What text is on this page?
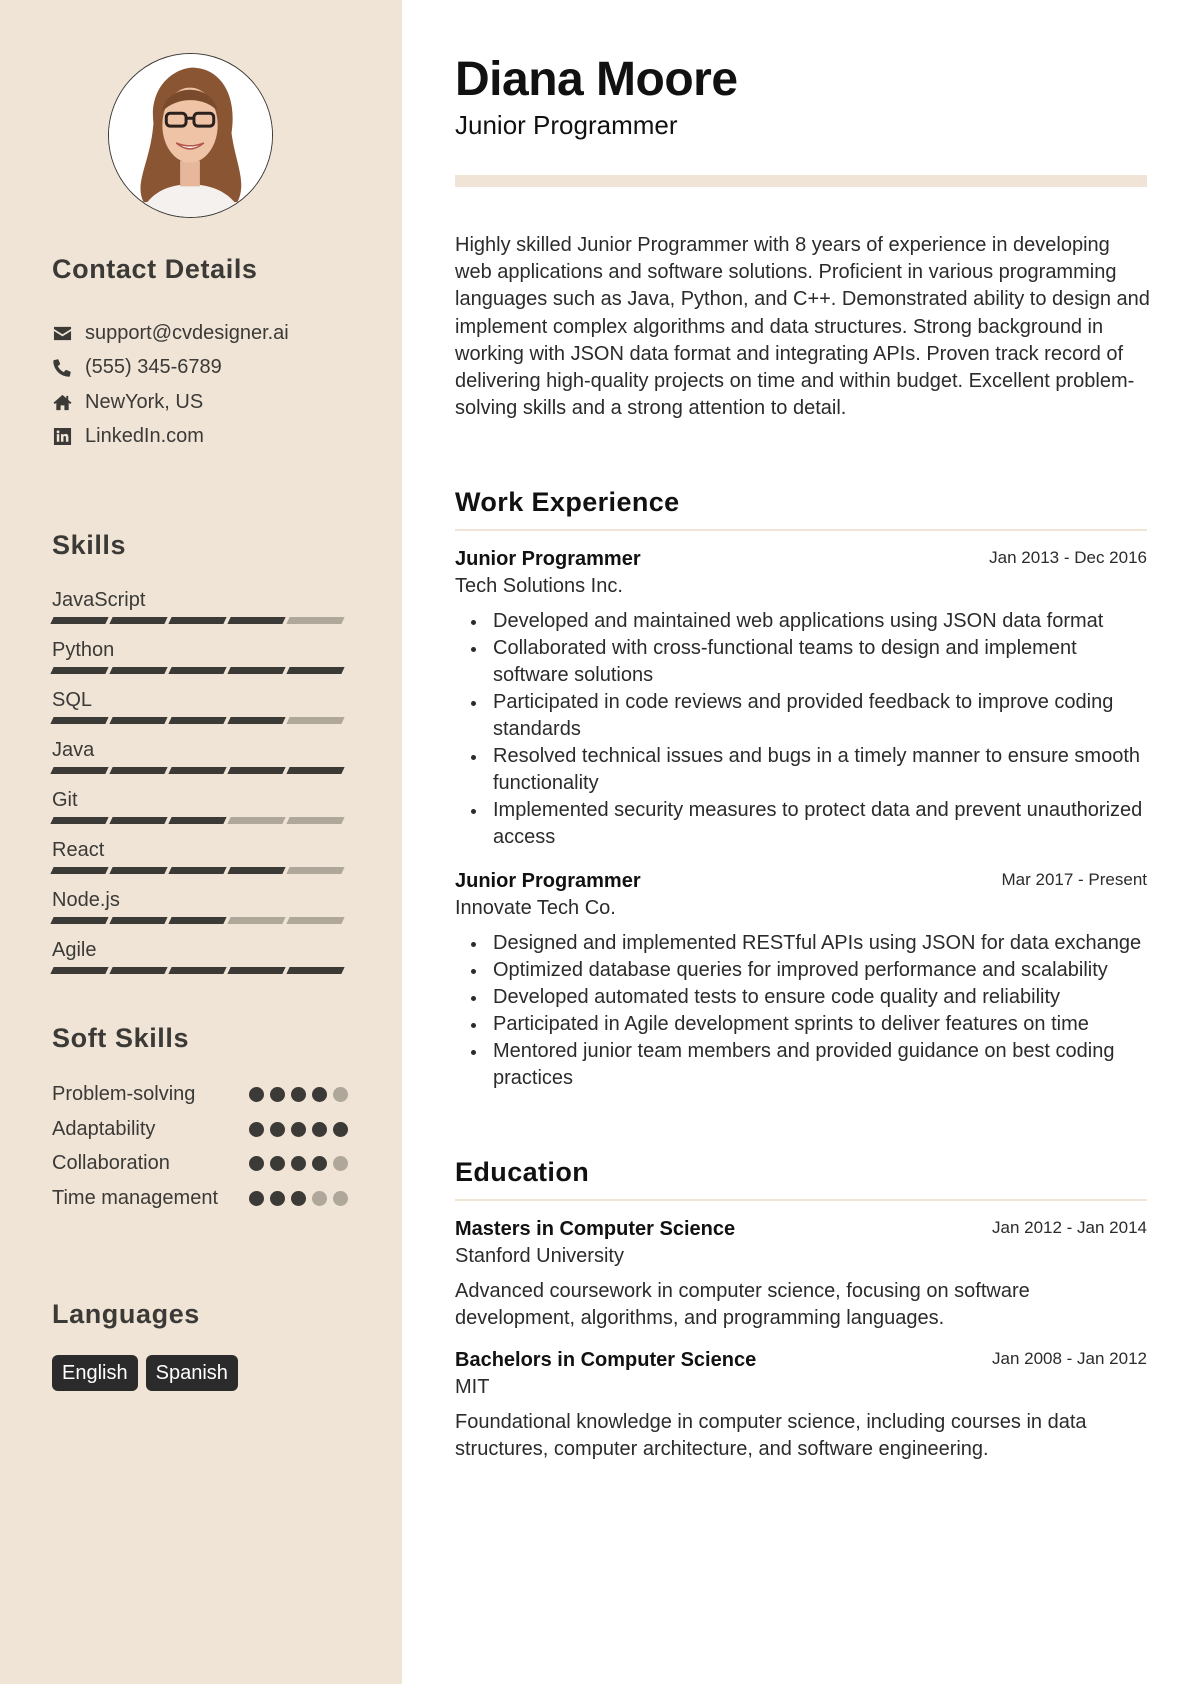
Contact Details
support@cvdesigner.ai
(555) 345-6789
NewYork, US
LinkedIn.com
Skills
JavaScript
Python
SQL
Java
Git
React
Node.js
Agile
Soft Skills
Problem-solving
Adaptability
Collaboration
Time management
Languages
English	Spanish
Diana Moore
Junior Programmer

Highly skilled Junior Programmer with 8 years of experience in developing web applications and software solutions. Proficient in various programming languages such as Java, Python, and C++. Demonstrated ability to design and implement complex algorithms and data structures. Strong background in working with JSON data format and integrating APIs. Proven track record of delivering high-quality projects on time and within budget. Excellent problem-solving skills and a strong attention to detail.

Work Experience
Junior Programmer	Jan 2013 - Dec 2016
Tech Solutions Inc.
Developed and maintained web applications using JSON data format
Collaborated with cross-functional teams to design and implement software solutions
Participated in code reviews and provided feedback to improve coding standards
Resolved technical issues and bugs in a timely manner to ensure smooth functionality
Implemented security measures to protect data and prevent unauthorized access
Junior Programmer	Mar 2017 - Present
Innovate Tech Co.
Designed and implemented RESTful APIs using JSON for data exchange
Optimized database queries for improved performance and scalability
Developed automated tests to ensure code quality and reliability
Participated in Agile development sprints to deliver features on time
Mentored junior team members and provided guidance on best coding practices
Education
Masters in Computer Science	Jan 2012 - Jan 2014
Stanford University

Advanced coursework in computer science, focusing on software development, algorithms, and programming languages.

Bachelors in Computer Science	Jan 2008 - Jan 2012
MIT

Foundational knowledge in computer science, including courses in data structures, computer architecture, and software engineering.
